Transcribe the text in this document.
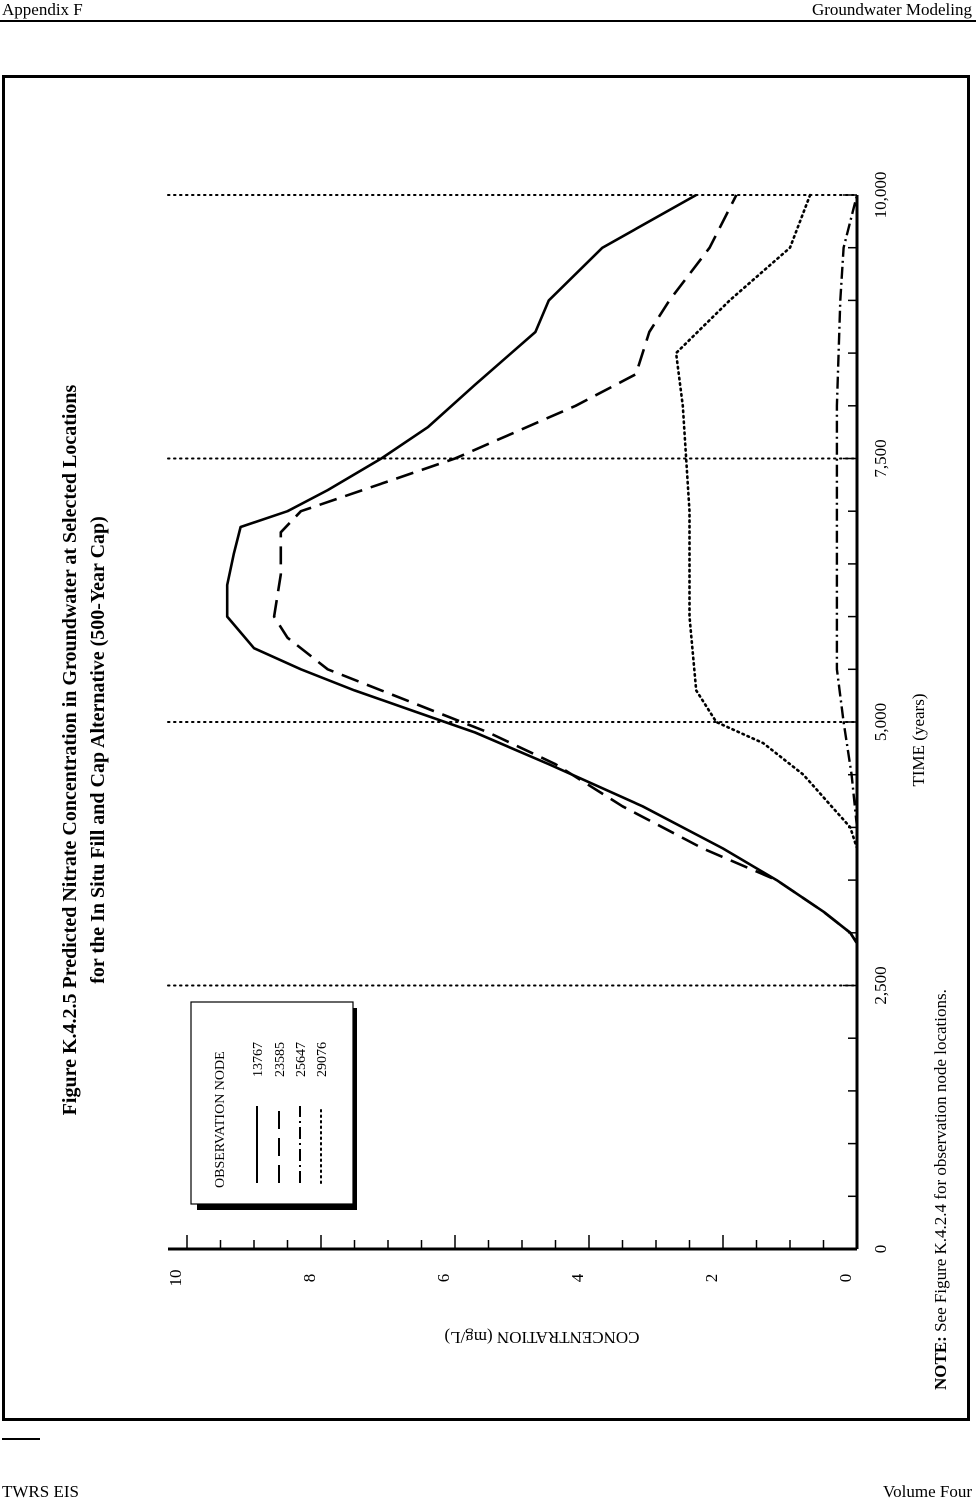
Appendix F	Groundwater Modeling
Figure K.4.2.5 Predicted Nitrate Concentration in Groundwater at Selected Locations for the In Situ Fill and Cap Alternative (500-Year Cap)
CONCENTRATION (mg/L)
TIME (years)
NOTE: See Figure K.4.2.4 for observation node locations.
OBSERVATION NODE 13767 23585 25647 29076
0
2,500
5,000
7,500
10,000
0
2
4
6
8
10
TWRS EIS	Volume Four
